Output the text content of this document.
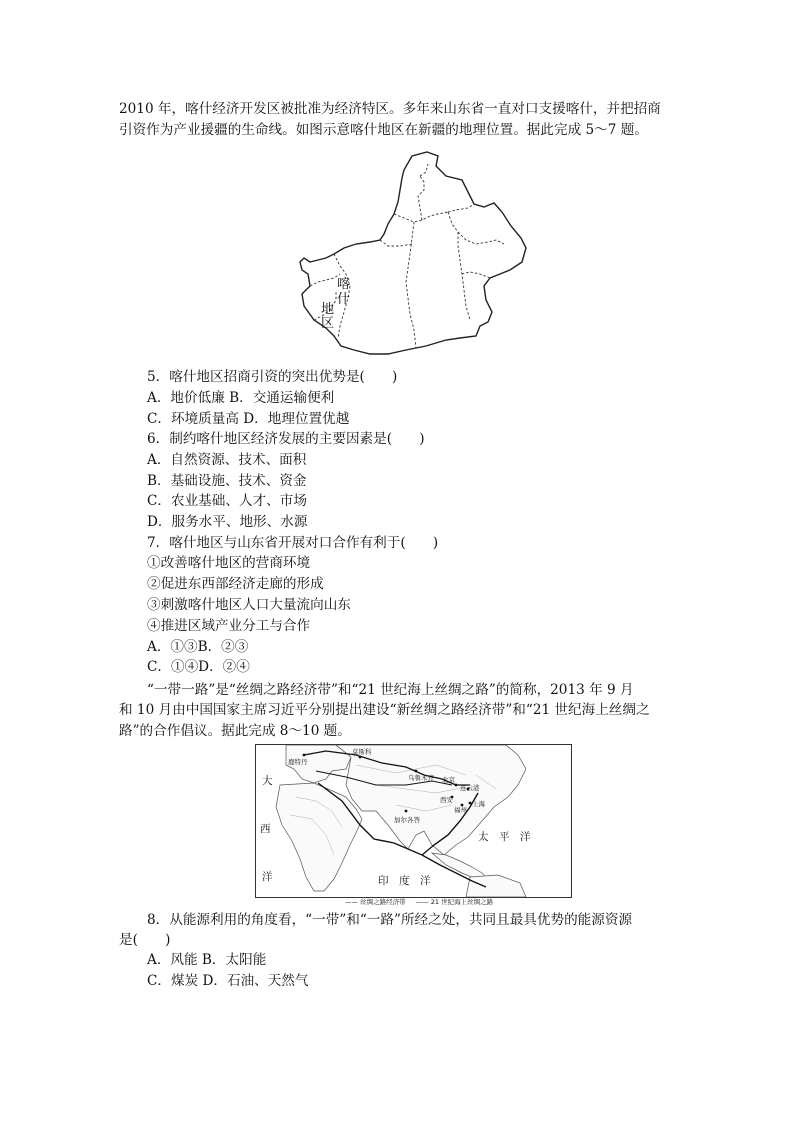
2010 年，喀什经济开发区被批准为经济特区。多年来山东省一直对口支援喀什，并把招商
引资作为产业援疆的生命线。如图示意喀什地区在新疆的地理位置。据此完成 5～7 题。
喀
什
地
区
5．喀什地区招商引资的突出优势是(　　)
A．地价低廉 B．交通运输便利
C．环境质量高 D．地理位置优越
6．制约喀什地区经济发展的主要因素是(　　)
A．自然资源、技术、面积
B．基础设施、技术、资金
C．农业基础、人才、市场
D．服务水平、地形、水源
7．喀什地区与山东省开展对口合作有利于(　　)
①改善喀什地区的营商环境
②促进东西部经济走廊的形成
③刺激喀什地区人口大量流向山东
④推进区域产业分工与合作
A．①③B．②③
C．①④D．②④
“一带一路”是“丝绸之路经济带”和“21 世纪海上丝绸之路”的简称，2013 年 9 月
和 10 月由中国国家主席习近平分别提出建设“新丝绸之路经济带”和“21 世纪海上丝绸之
路”的合作倡议。据此完成 8～10 题。
大
西
洋	印　度　洋
太　平　洋
鹿特丹
莫斯科
乌鲁木齐 北京
连云港
西安
福州
上海
加尔各答
—— 丝绸之路经济带 —— 21 世纪海上丝绸之路
8．从能源利用的角度看，“一带”和“一路”所经之处，共同且最具优势的能源资源
是(　　)
A．风能 B．太阳能
C．煤炭 D．石油、天然气
